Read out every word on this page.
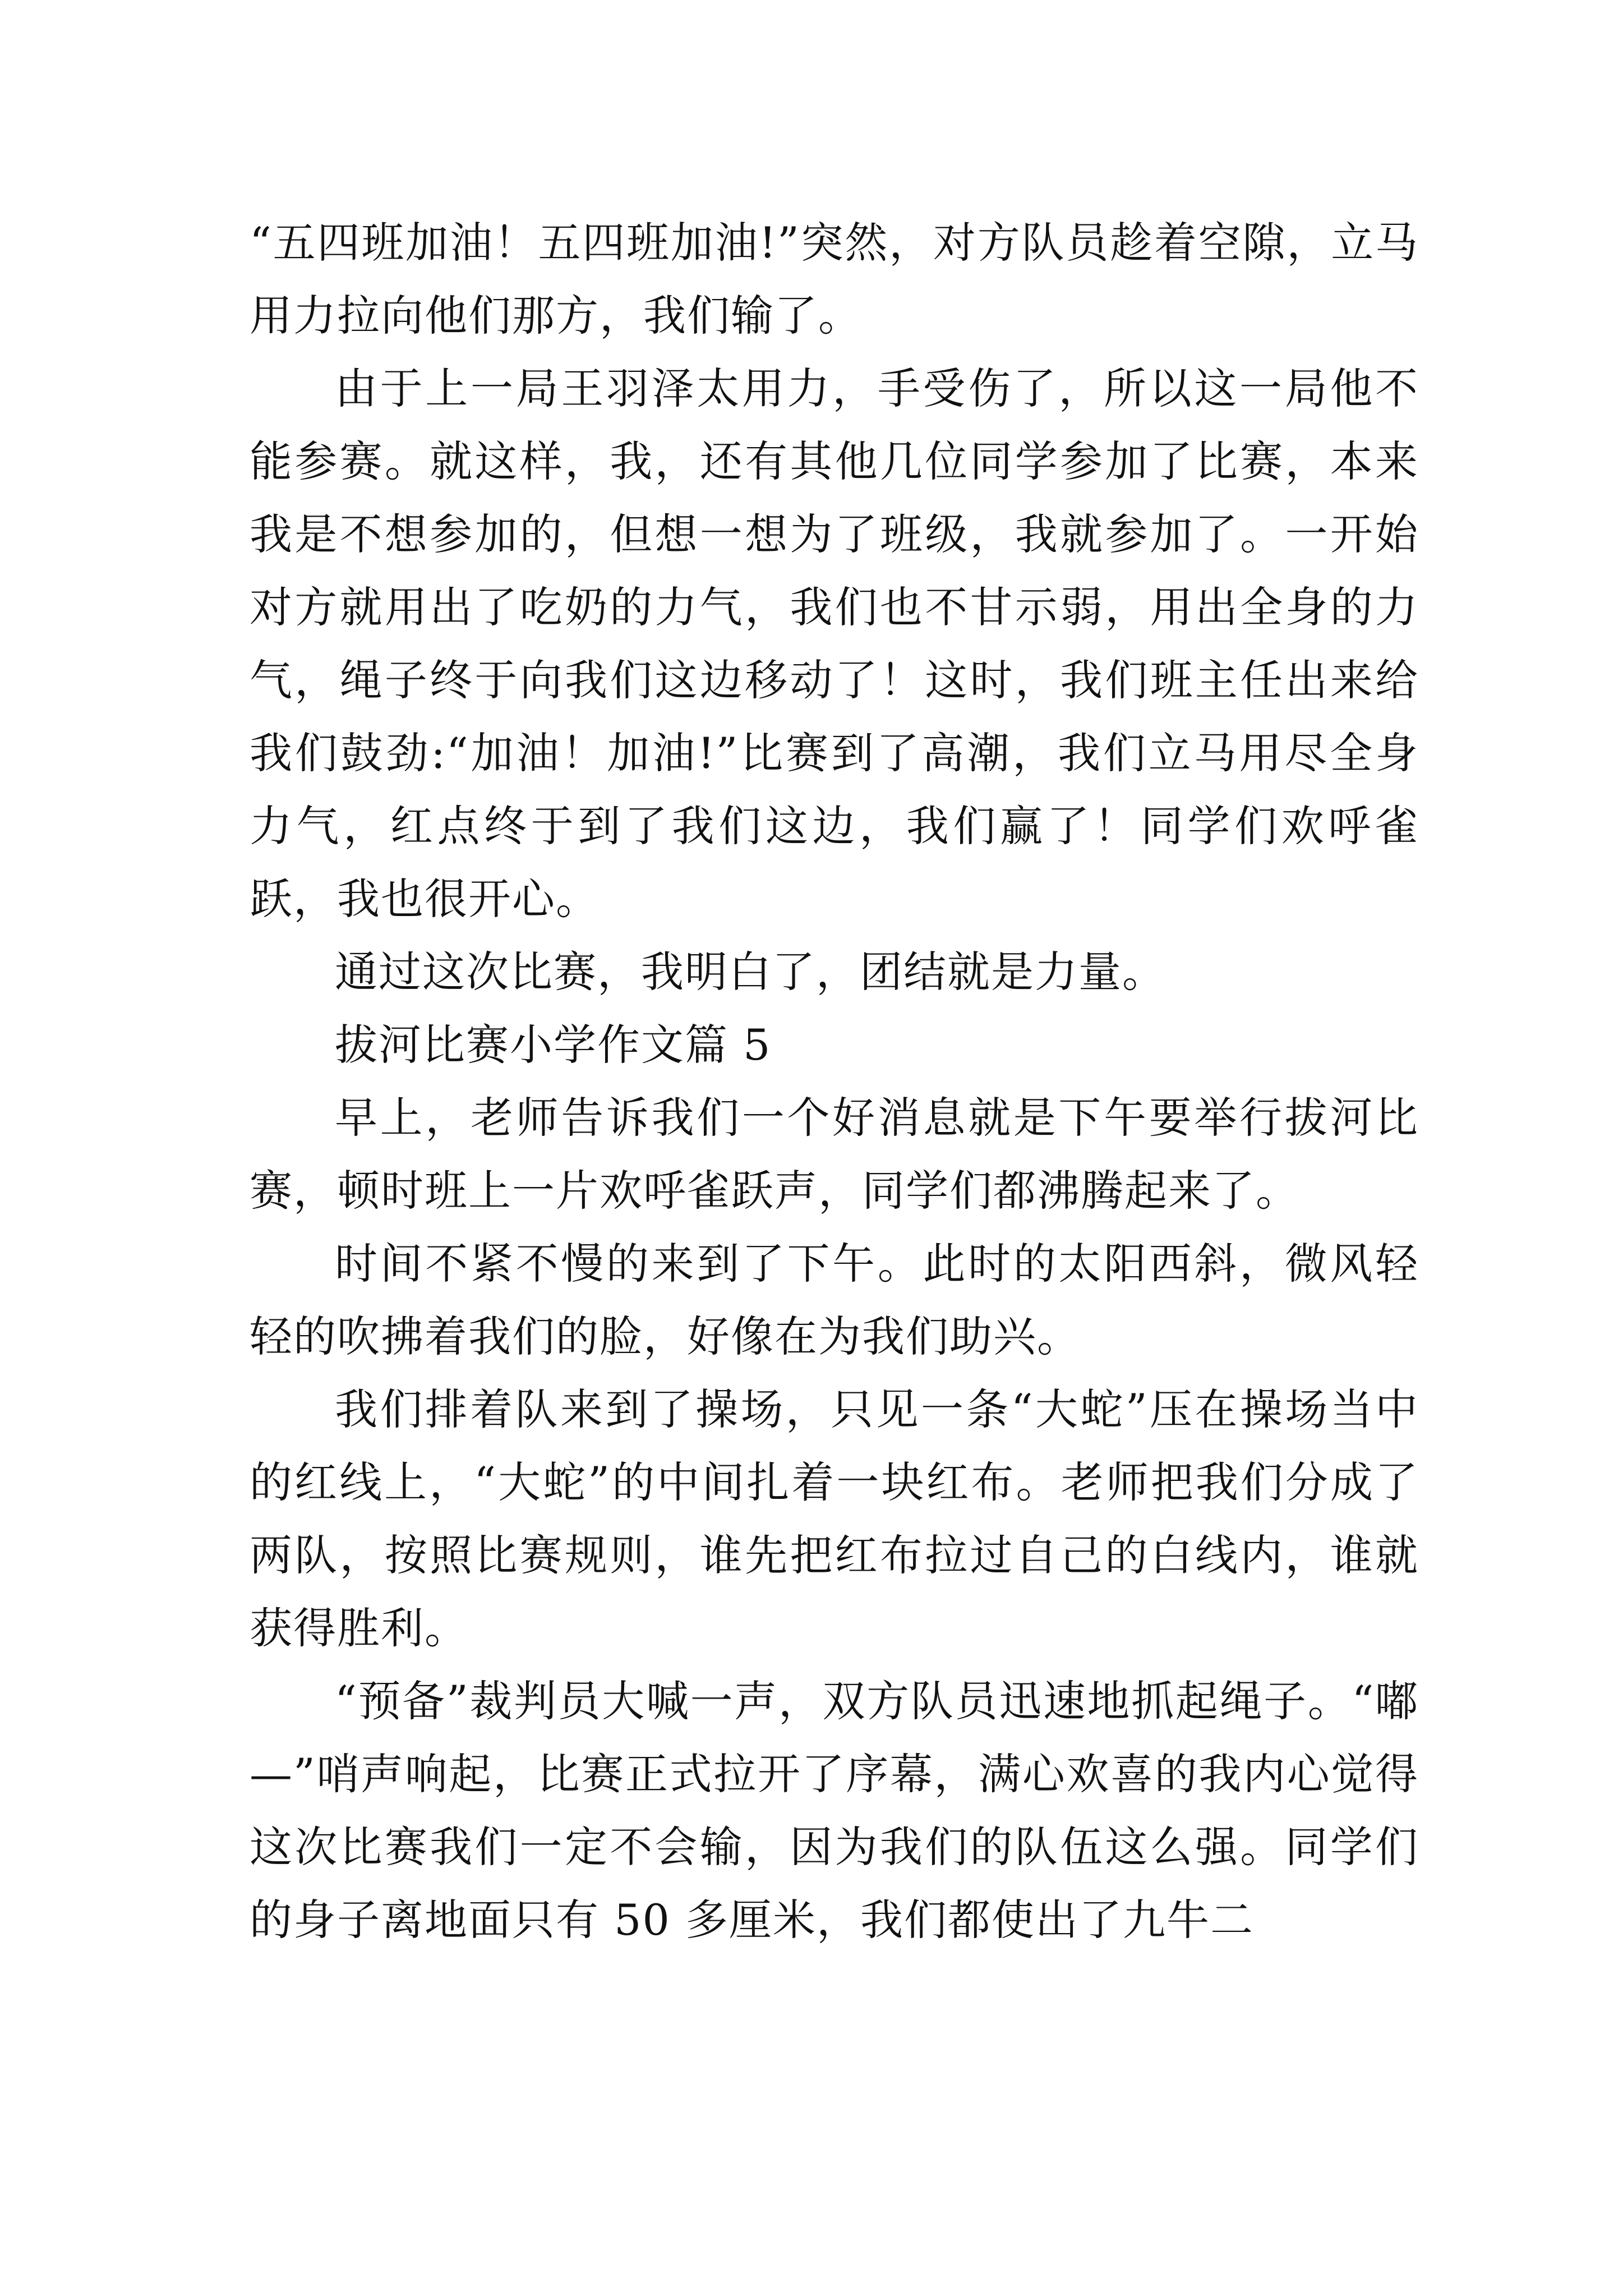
“五四班加油！五四班加油!”突然，对方队员趁着空隙，立马用力拉向他们那方，我们输了。

由于上一局王羽泽太用力，手受伤了，所以这一局他不能参赛。就这样，我，还有其他几位同学参加了比赛，本来我是不想参加的，但想一想为了班级，我就参加了。一开始对方就用出了吃奶的力气，我们也不甘示弱，用出全身的力气，绳子终于向我们这边移动了！这时，我们班主任出来给我们鼓劲:“加油！加油!”比赛到了高潮，我们立马用尽全身力气，红点终于到了我们这边，我们赢了！同学们欢呼雀跃，我也很开心。

通过这次比赛，我明白了，团结就是力量。

拔河比赛小学作文篇 5

早上，老师告诉我们一个好消息就是下午要举行拔河比赛，顿时班上一片欢呼雀跃声，同学们都沸腾起来了。

时间不紧不慢的来到了下午。此时的太阳西斜，微风轻轻的吹拂着我们的脸，好像在为我们助兴。

我们排着队来到了操场，只见一条“大蛇”压在操场当中的红线上，“大蛇”的中间扎着一块红布。老师把我们分成了两队，按照比赛规则，谁先把红布拉过自己的白线内，谁就获得胜利。

“预备”裁判员大喊一声，双方队员迅速地抓起绳子。“嘟—”哨声响起，比赛正式拉开了序幕，满心欢喜的我内心觉得这次比赛我们一定不会输，因为我们的队伍这么强。同学们的身子离地面只有 50 多厘米，我们都使出了九牛二
